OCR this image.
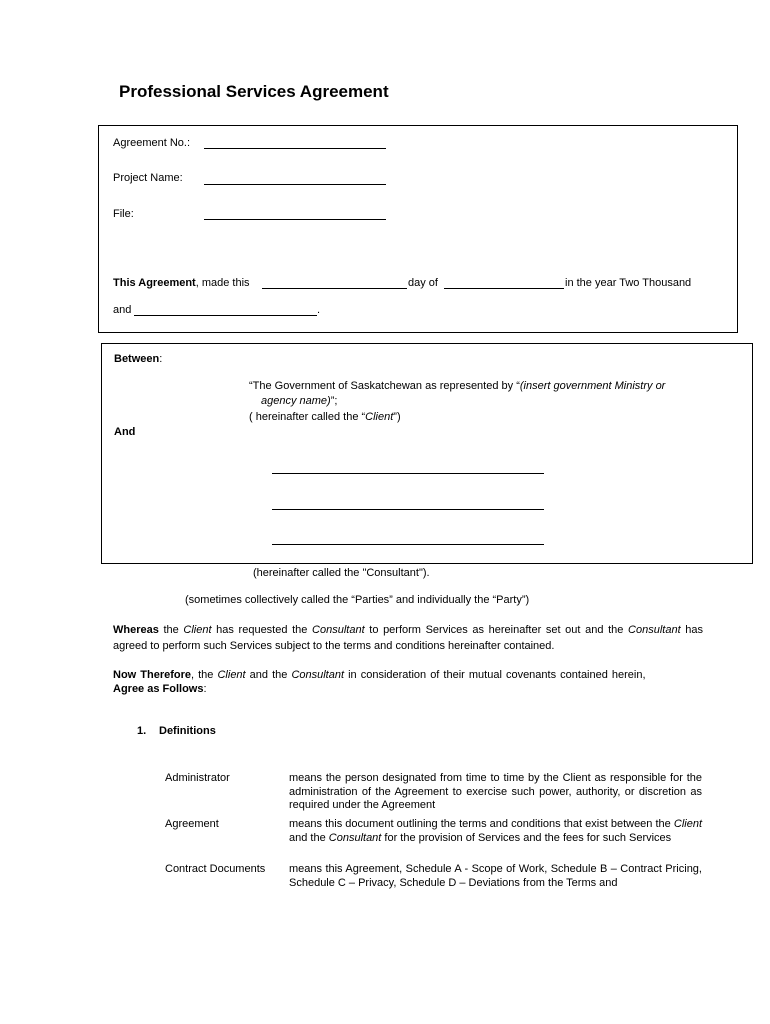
Professional Services Agreement
Agreement No.:
Project Name:
File:
This Agreement, made this	day of	in the year Two Thousand
and	.
Between:
“The Government of Saskatchewan as represented by “(insert government Ministry or
agency name)”;
( hereinafter called the “Client”)
And
(hereinafter called the "Consultant").
(sometimes collectively called the “Parties” and individually the “Party”)
Whereas the Client has requested the Consultant to perform Services as hereinafter set out and the Consultant has agreed to perform such Services subject to the terms and conditions hereinafter contained.
Now Therefore, the Client and the Consultant in consideration of their mutual covenants contained herein,
Agree as Follows:
1. Definitions
Administrator	means the person designated from time to time by the Client as responsible for the administration of the Agreement to exercise such power, authority, or discretion as required under the Agreement
Agreement	means this document outlining the terms and conditions that exist between the Client and the Consultant for the provision of Services and the fees for such Services
Contract Documents means this Agreement, Schedule A - Scope of Work, Schedule B – Contract Pricing, Schedule C – Privacy, Schedule D – Deviations from the Terms and
